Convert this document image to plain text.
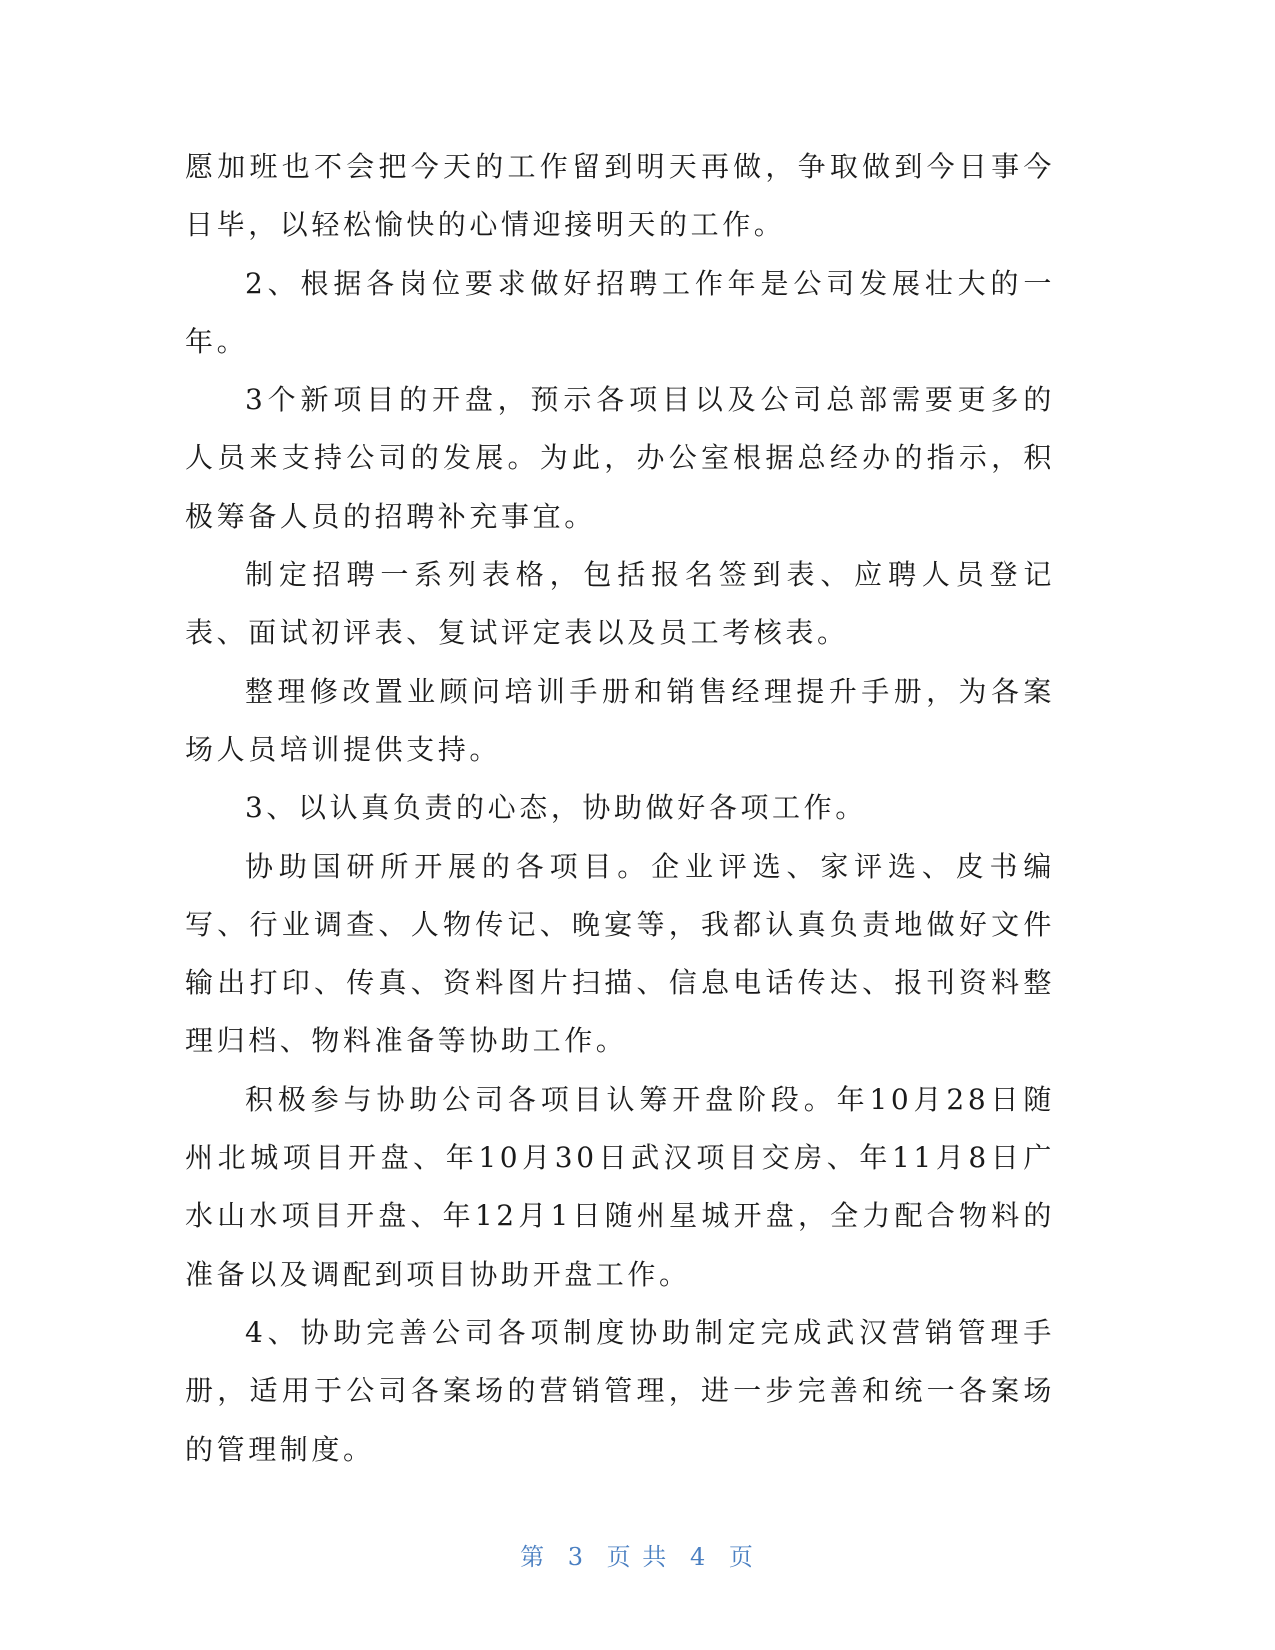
愿加班也不会把今天的工作留到明天再做，争取做到今日事今日毕，以轻松愉快的心情迎接明天的工作。

2、根据各岗位要求做好招聘工作年是公司发展壮大的一年。

3个新项目的开盘，预示各项目以及公司总部需要更多的人员来支持公司的发展。为此，办公室根据总经办的指示，积极筹备人员的招聘补充事宜。

制定招聘一系列表格，包括报名签到表、应聘人员登记表、面试初评表、复试评定表以及员工考核表。

整理修改置业顾问培训手册和销售经理提升手册，为各案场人员培训提供支持。

3、以认真负责的心态，协助做好各项工作。

协助国研所开展的各项目。企业评选、家评选、皮书编写、行业调查、人物传记、晚宴等，我都认真负责地做好文件输出打印、传真、资料图片扫描、信息电话传达、报刊资料整理归档、物料准备等协助工作。

积极参与协助公司各项目认筹开盘阶段。年10月28日随州北城项目开盘、年10月30日武汉项目交房、年11月8日广水山水项目开盘、年12月1日随州星城开盘，全力配合物料的准备以及调配到项目协助开盘工作。

4、协助完善公司各项制度协助制定完成武汉营销管理手册，适用于公司各案场的营销管理，进一步完善和统一各案场的管理制度。

第 3 页 共 4 页
